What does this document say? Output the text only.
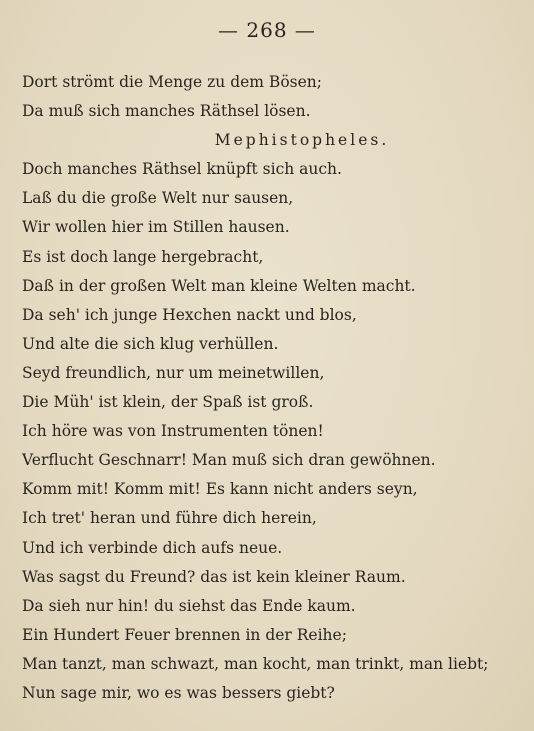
— 268 —
Dort strömt die Menge zu dem Bösen;
Da muß sich manches Räthsel lösen.
Mephistopheles.
Doch manches Räthsel knüpft sich auch.
Laß du die große Welt nur sausen,
Wir wollen hier im Stillen hausen.
Es ist doch lange hergebracht,
Daß in der großen Welt man kleine Welten macht.
Da seh' ich junge Hexchen nackt und blos,
Und alte die sich klug verhüllen.
Seyd freundlich, nur um meinetwillen,
Die Müh' ist klein, der Spaß ist groß.
Ich höre was von Instrumenten tönen!
Verflucht Geschnarr! Man muß sich dran gewöhnen.
Komm mit! Komm mit! Es kann nicht anders seyn,
Ich tret' heran und führe dich herein,
Und ich verbinde dich aufs neue.
Was sagst du Freund? das ist kein kleiner Raum.
Da sieh nur hin! du siehst das Ende kaum.
Ein Hundert Feuer brennen in der Reihe;
Man tanzt, man schwazt, man kocht, man trinkt, man liebt;
Nun sage mir, wo es was bessers giebt?
